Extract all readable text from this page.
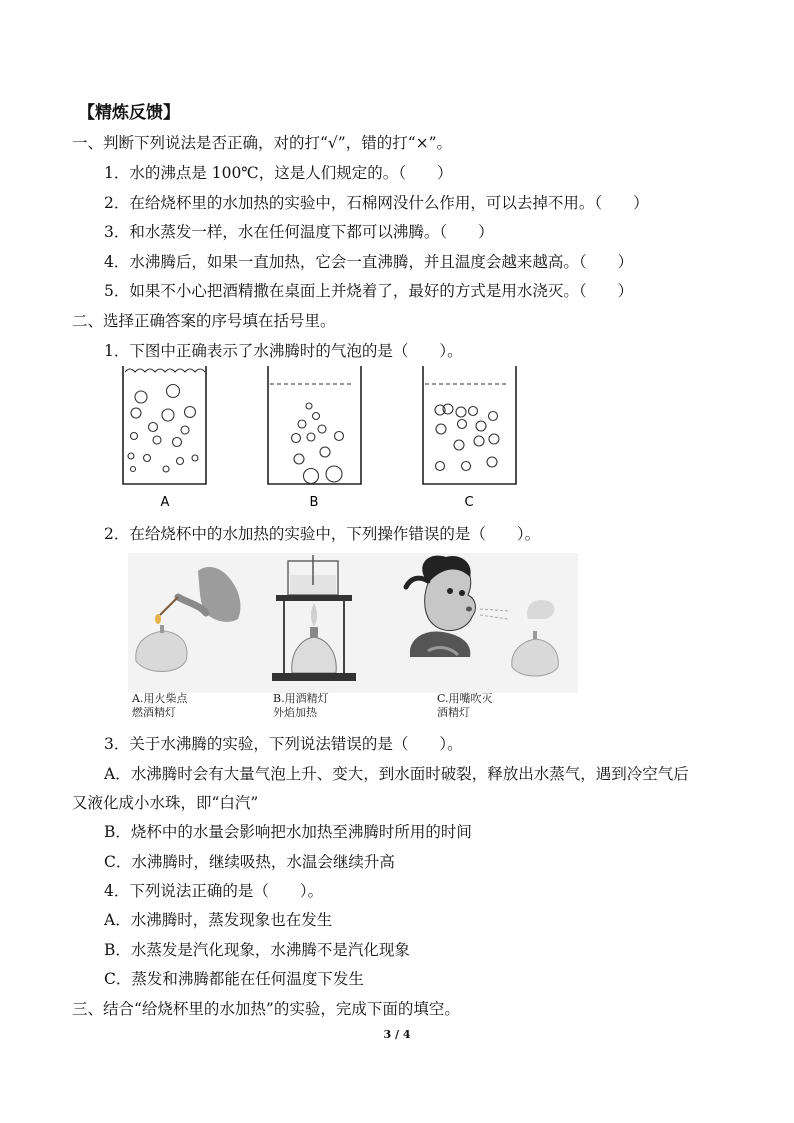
【精炼反馈】
一、判断下列说法是否正确，对的打“√”，错的打“×”。
1．水的沸点是 100℃，这是人们规定的。（　　）
2．在给烧杯里的水加热的实验中，石棉网没什么作用，可以去掉不用。（　　）
3．和水蒸发一样，水在任何温度下都可以沸腾。（　　）
4．水沸腾后，如果一直加热，它会一直沸腾，并且温度会越来越高。（　　）
5．如果不小心把酒精撒在桌面上并烧着了，最好的方式是用水浇灭。（　　）
二、选择正确答案的序号填在括号里。
1．下图中正确表示了水沸腾时的气泡的是（　　）。
A	B	C
2．在给烧杯中的水加热的实验中，下列操作错误的是（　　）。
A.用火柴点
燃酒精灯
B.用酒精灯
外焰加热
C.用嘴吹灭
酒精灯
3．关于水沸腾的实验，下列说法错误的是（　　）。
A．水沸腾时会有大量气泡上升、变大，到水面时破裂，释放出水蒸气，遇到冷空气后
又液化成小水珠，即“白汽”
B．烧杯中的水量会影响把水加热至沸腾时所用的时间
C．水沸腾时，继续吸热，水温会继续升高
4．下列说法正确的是（　　）。
A．水沸腾时，蒸发现象也在发生
B．水蒸发是汽化现象，水沸腾不是汽化现象
C．蒸发和沸腾都能在任何温度下发生
三、结合“给烧杯里的水加热”的实验，完成下面的填空。
3 / 4
